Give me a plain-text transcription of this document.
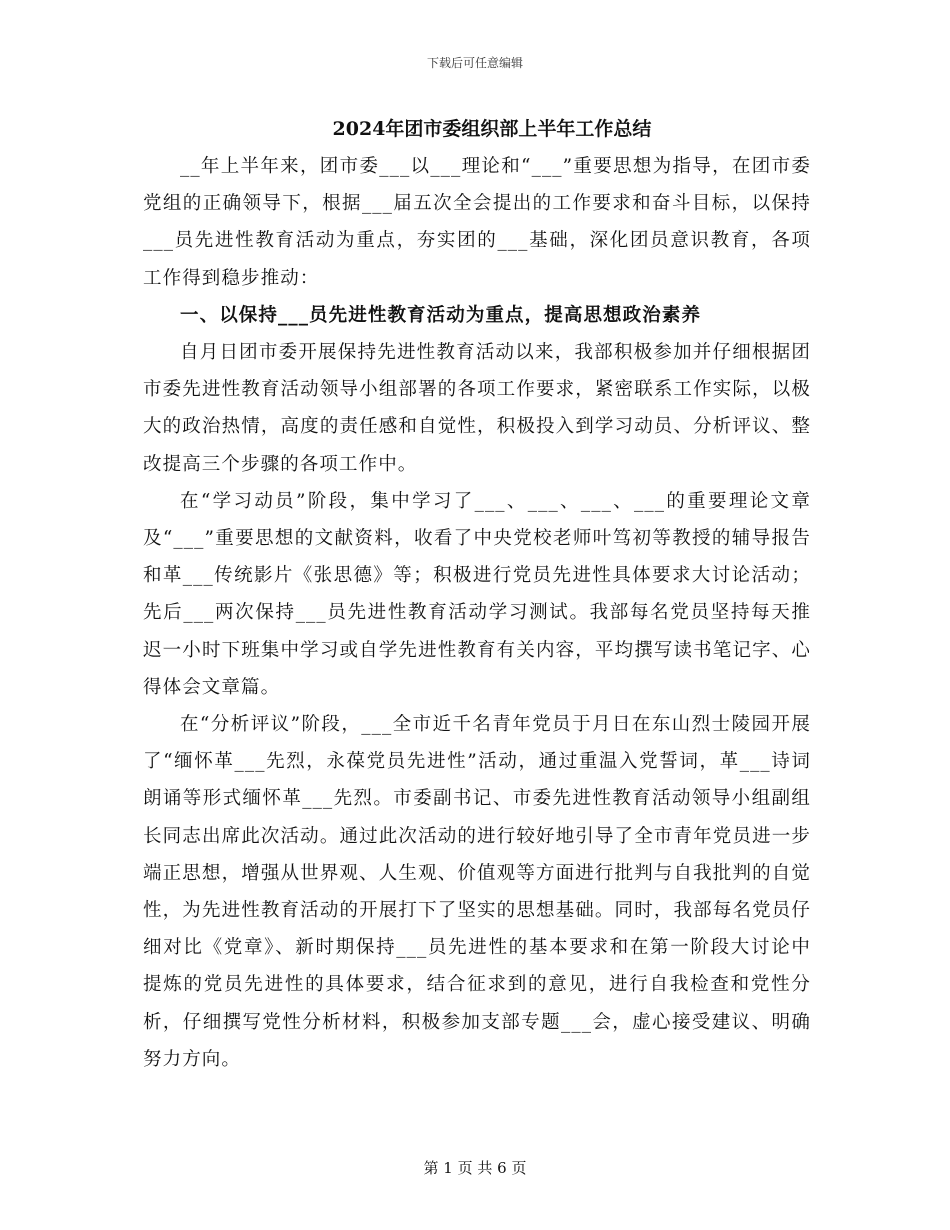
下载后可任意编辑
2024年团市委组织部上半年工作总结

__年上半年来，团市委___以___理论和“___”重要思想为指导，在团市委党组的正确领导下，根据___届五次全会提出的工作要求和奋斗目标，以保持___员先进性教育活动为重点，夯实团的___基础，深化团员意识教育，各项工作得到稳步推动：

一、以保持___员先进性教育活动为重点，提高思想政治素养

自月日团市委开展保持先进性教育活动以来，我部积极参加并仔细根据团市委先进性教育活动领导小组部署的各项工作要求，紧密联系工作实际，以极大的政治热情，高度的责任感和自觉性，积极投入到学习动员、分析评议、整改提高三个步骤的各项工作中。

在“学习动员”阶段，集中学习了___、___、___、___的重要理论文章及“___”重要思想的文献资料，收看了中央党校老师叶笃初等教授的辅导报告和革___传统影片《张思德》等；积极进行党员先进性具体要求大讨论活动；先后___两次保持___员先进性教育活动学习测试。我部每名党员坚持每天推迟一小时下班集中学习或自学先进性教育有关内容，平均撰写读书笔记字、心得体会文章篇。

在“分析评议”阶段，___全市近千名青年党员于月日在东山烈士陵园开展了“缅怀革___先烈，永葆党员先进性”活动，通过重温入党誓词，革___诗词朗诵等形式缅怀革___先烈。市委副书记、市委先进性教育活动领导小组副组长同志出席此次活动。通过此次活动的进行较好地引导了全市青年党员进一步端正思想，增强从世界观、人生观、价值观等方面进行批判与自我批判的自觉性，为先进性教育活动的开展打下了坚实的思想基础。同时，我部每名党员仔细对比《党章》、新时期保持___员先进性的基本要求和在第一阶段大讨论中提炼的党员先进性的具体要求，结合征求到的意见，进行自我检查和党性分析，仔细撰写党性分析材料，积极参加支部专题___会，虚心接受建议、明确努力方向。

第 1 页 共 6 页
